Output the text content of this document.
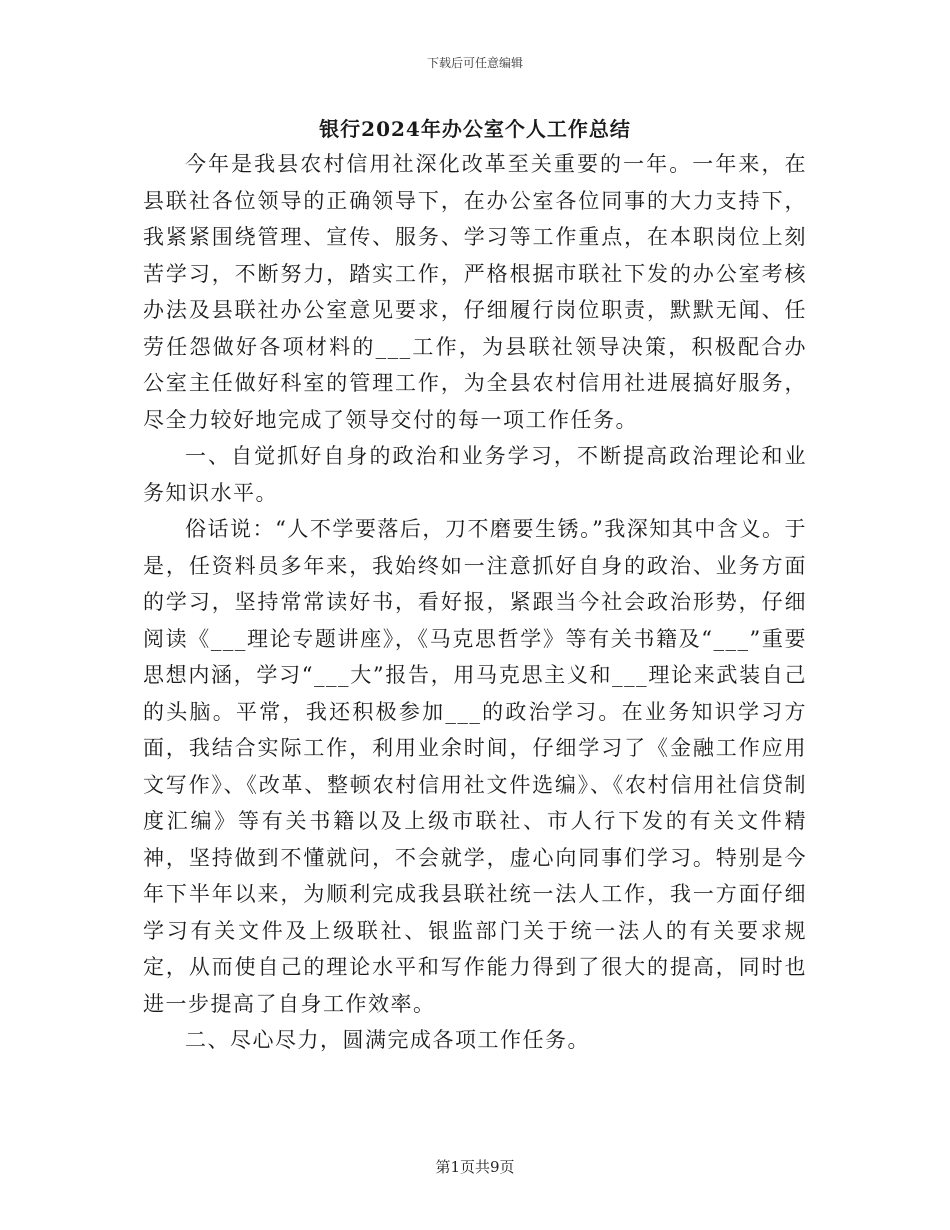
下载后可任意编辑
银行2024年办公室个人工作总结

今年是我县农村信用社深化改革至关重要的一年。一年来，在县联社各位领导的正确领导下，在办公室各位同事的大力支持下，我紧紧围绕管理、宣传、服务、学习等工作重点，在本职岗位上刻苦学习，不断努力，踏实工作，严格根据市联社下发的办公室考核办法及县联社办公室意见要求，仔细履行岗位职责，默默无闻、任劳任怨做好各项材料的___工作，为县联社领导决策，积极配合办公室主任做好科室的管理工作，为全县农村信用社进展搞好服务，尽全力较好地完成了领导交付的每一项工作任务。

一、自觉抓好自身的政治和业务学习，不断提高政治理论和业务知识水平。

俗话说：“人不学要落后，刀不磨要生锈。”我深知其中含义。于是，任资料员多年来，我始终如一注意抓好自身的政治、业务方面的学习，坚持常常读好书，看好报，紧跟当今社会政治形势，仔细阅读《___理论专题讲座》，《马克思哲学》等有关书籍及“___”重要思想内涵，学习“___大”报告，用马克思主义和___理论来武装自己的头脑。平常，我还积极参加___的政治学习。在业务知识学习方面，我结合实际工作，利用业余时间，仔细学习了《金融工作应用文写作》、《改革、整顿农村信用社文件选编》、《农村信用社信贷制度汇编》等有关书籍以及上级市联社、市人行下发的有关文件精神，坚持做到不懂就问，不会就学，虚心向同事们学习。特别是今年下半年以来，为顺利完成我县联社统一法人工作，我一方面仔细学习有关文件及上级联社、银监部门关于统一法人的有关要求规定，从而使自己的理论水平和写作能力得到了很大的提高，同时也进一步提高了自身工作效率。

二、尽心尽力，圆满完成各项工作任务。

第1页共9页
